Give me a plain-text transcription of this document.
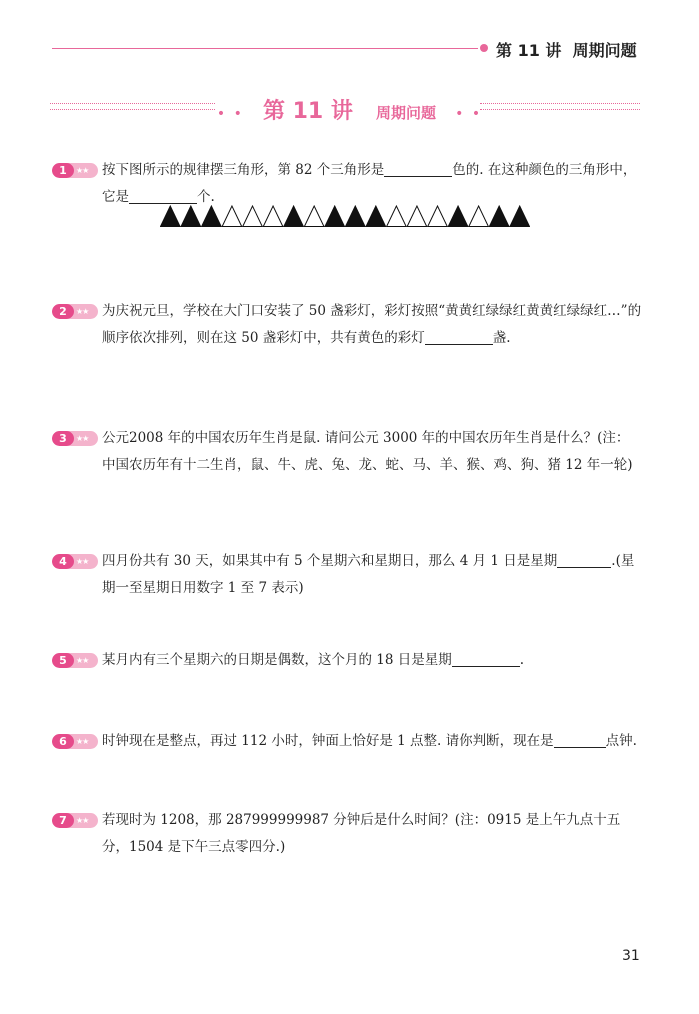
第 11 讲 周期问题
• • 第 11 讲 周期问题 • •
1	★★ 按下图所示的规律摆三角形，第 82 个三角形是	色的. 在这种颜色的三角形中，它是	个.
2	★★ 为庆祝元旦，学校在大门口安装了 50 盏彩灯，彩灯按照“黄黄红绿绿红黄黄红绿绿红…”的顺序依次排列，则在这 50 盏彩灯中，共有黄色的彩灯	盏.
3	★★ 公元2008 年的中国农历年生肖是鼠. 请问公元 3000 年的中国农历年生肖是什么？(注：中国农历年有十二生肖，鼠、牛、虎、兔、龙、蛇、马、羊、猴、鸡、狗、猪 12 年一轮)
4	★★ 四月份共有 30 天，如果其中有 5 个星期六和星期日，那么 4 月 1 日是星期	.(星期一至星期日用数字 1 至 7 表示)
5	★★ 某月内有三个星期六的日期是偶数，这个月的 18 日是星期	.
6	★★ 时钟现在是整点，再过 112 小时，钟面上恰好是 1 点整. 请你判断，现在是	点钟.
7	★★ 若现时为 1208，那 287999999987 分钟后是什么时间？(注：0915 是上午九点十五分，1504 是下午三点零四分.)
31
